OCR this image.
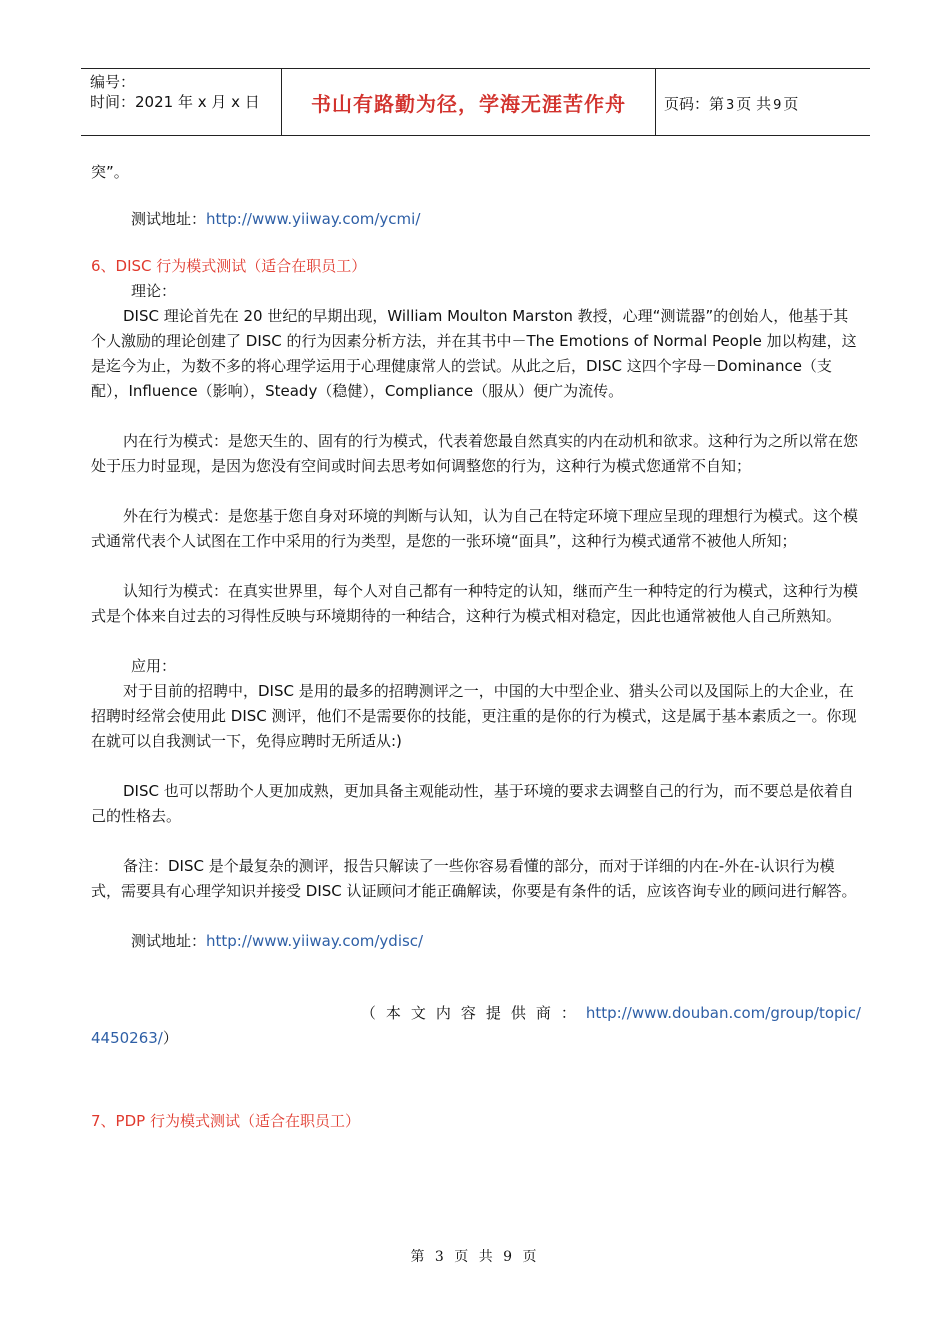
编号：
时间：2021 年 x 月 x 日	书山有路勤为径，学海无涯苦作舟	页码：第 3 页 共 9 页

突”。

测试地址：http://www.yiiway.com/ycmi/

6、DISC 行为模式测试（适合在职员工）

理论：

DISC 理论首先在 20 世纪的早期出现，William Moulton Marston 教授，心理“测谎器”的创始人，他基于其个人激励的理论创建了 DISC 的行为因素分析方法，并在其书中－The Emotions of Normal People 加以构建，这是迄今为止，为数不多的将心理学运用于心理健康常人的尝试。从此之后，DISC 这四个字母－Dominance（支配），Influence（影响），Steady（稳健），Compliance（服从）便广为流传。

内在行为模式：是您天生的、固有的行为模式，代表着您最自然真实的内在动机和欲求。这种行为之所以常在您处于压力时显现，是因为您没有空间或时间去思考如何调整您的行为，这种行为模式您通常不自知；

外在行为模式：是您基于您自身对环境的判断与认知，认为自己在特定环境下理应呈现的理想行为模式。这个模式通常代表个人试图在工作中采用的行为类型，是您的一张环境“面具”，这种行为模式通常不被他人所知；

认知行为模式：在真实世界里，每个人对自己都有一种特定的认知，继而产生一种特定的行为模式，这种行为模式是个体来自过去的习得性反映与环境期待的一种结合，这种行为模式相对稳定，因此也通常被他人自己所熟知。

应用：

对于目前的招聘中，DISC 是用的最多的招聘测评之一，中国的大中型企业、猎头公司以及国际上的大企业，在招聘时经常会使用此 DISC 测评，他们不是需要你的技能，更注重的是你的行为模式，这是属于基本素质之一。你现在就可以自我测试一下，免得应聘时无所适从:)

DISC 也可以帮助个人更加成熟，更加具备主观能动性，基于环境的要求去调整自己的行为，而不要总是依着自己的性格去。

备注：DISC 是个最复杂的测评，报告只解读了一些你容易看懂的部分，而对于详细的内在-外在-认识行为模式，需要具有心理学知识并接受 DISC 认证顾问才能正确解读，你要是有条件的话，应该咨询专业的顾问进行解答。

测试地址：http://www.yiiway.com/ydisc/

（本文内容提供商：http://www.douban.com/group/topic/

4450263/）

7、PDP 行为模式测试（适合在职员工）

第 3 页 共 9 页
